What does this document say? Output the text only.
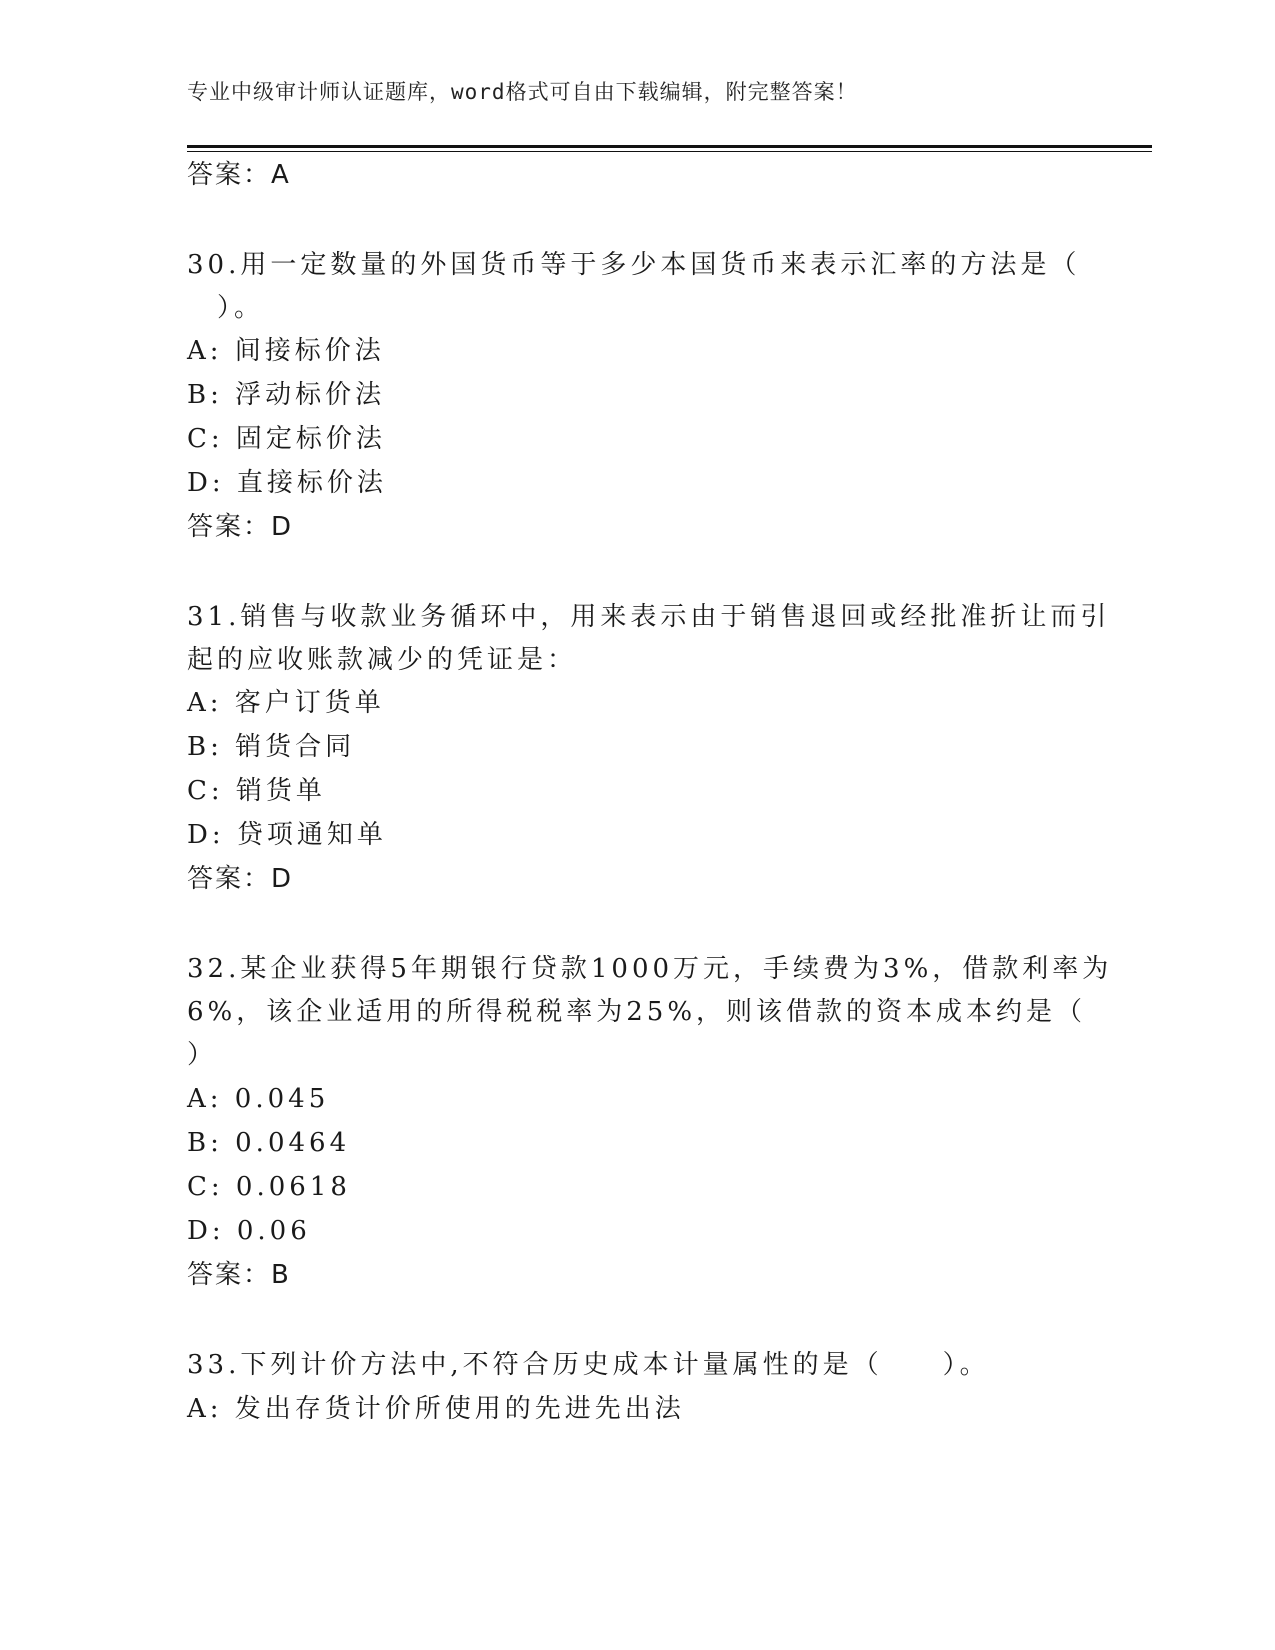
专业中级审计师认证题库，word格式可自由下载编辑，附完整答案！
答案：A
30.用一定数量的外国货币等于多少本国货币来表示汇率的方法是（
　）。
A: 间接标价法
B: 浮动标价法
C: 固定标价法
D: 直接标价法
答案：D
31.销售与收款业务循环中，用来表示由于销售退回或经批准折让而引
起的应收账款减少的凭证是：
A: 客户订货单
B: 销货合同
C: 销货单
D: 贷项通知单
答案：D
32.某企业获得5年期银行贷款1000万元，手续费为3%，借款利率为
6%，该企业适用的所得税税率为25%，则该借款的资本成本约是（
）
A: 0.045
B: 0.0464
C: 0.0618
D: 0.06
答案：B
33.下列计价方法中,不符合历史成本计量属性的是（　　）。
A: 发出存货计价所使用的先进先出法
